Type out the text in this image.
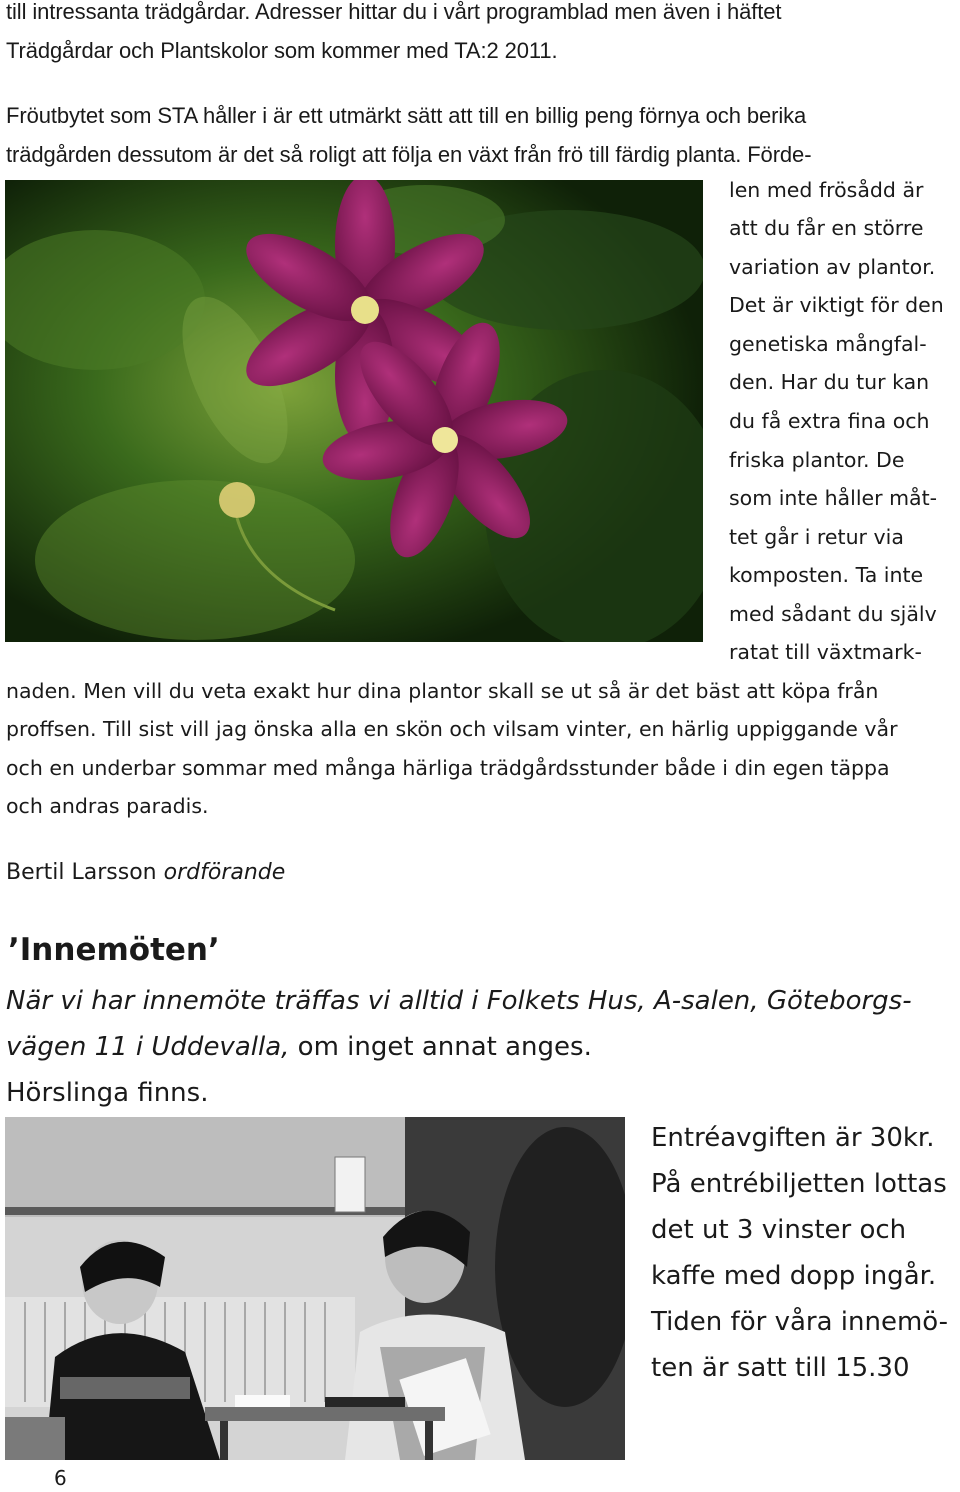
till intressanta trädgårdar. Adresser hittar du i vårt programblad men även i häftet
Trädgårdar och Plantskolor som kommer med TA:2 2011.
Fröutbytet som STA håller i är ett utmärkt sätt att till en billig peng förnya och berika
trädgården dessutom är det så roligt att följa en växt från frö till färdig planta. Förde-
len med frösådd är
att du får en större
variation av plantor.
Det är viktigt för den
genetiska mångfal-
den. Har du tur kan
du få extra fina och
friska plantor. De
som inte håller måt-
tet går i retur via
komposten. Ta inte
med sådant du själv
ratat till växtmark-
naden. Men vill du veta exakt hur dina plantor skall se ut så är det bäst att köpa från
proffsen. Till sist vill jag önska alla en skön och vilsam vinter, en härlig uppiggande vår
och en underbar sommar med många härliga trädgårdsstunder både i din egen täppa
och andras paradis.
Bertil Larsson ordförande
’Innemöten’
När vi har innemöte träffas vi alltid i Folkets Hus, A-salen, Göteborgs-
vägen 11 i Uddevalla, om inget annat anges.
Hörslinga finns.
Entréavgiften är 30kr.
På entrébiljetten lottas
det ut 3 vinster och
kaffe med dopp ingår.
Tiden för våra innemö-
ten är satt till 15.30
6
